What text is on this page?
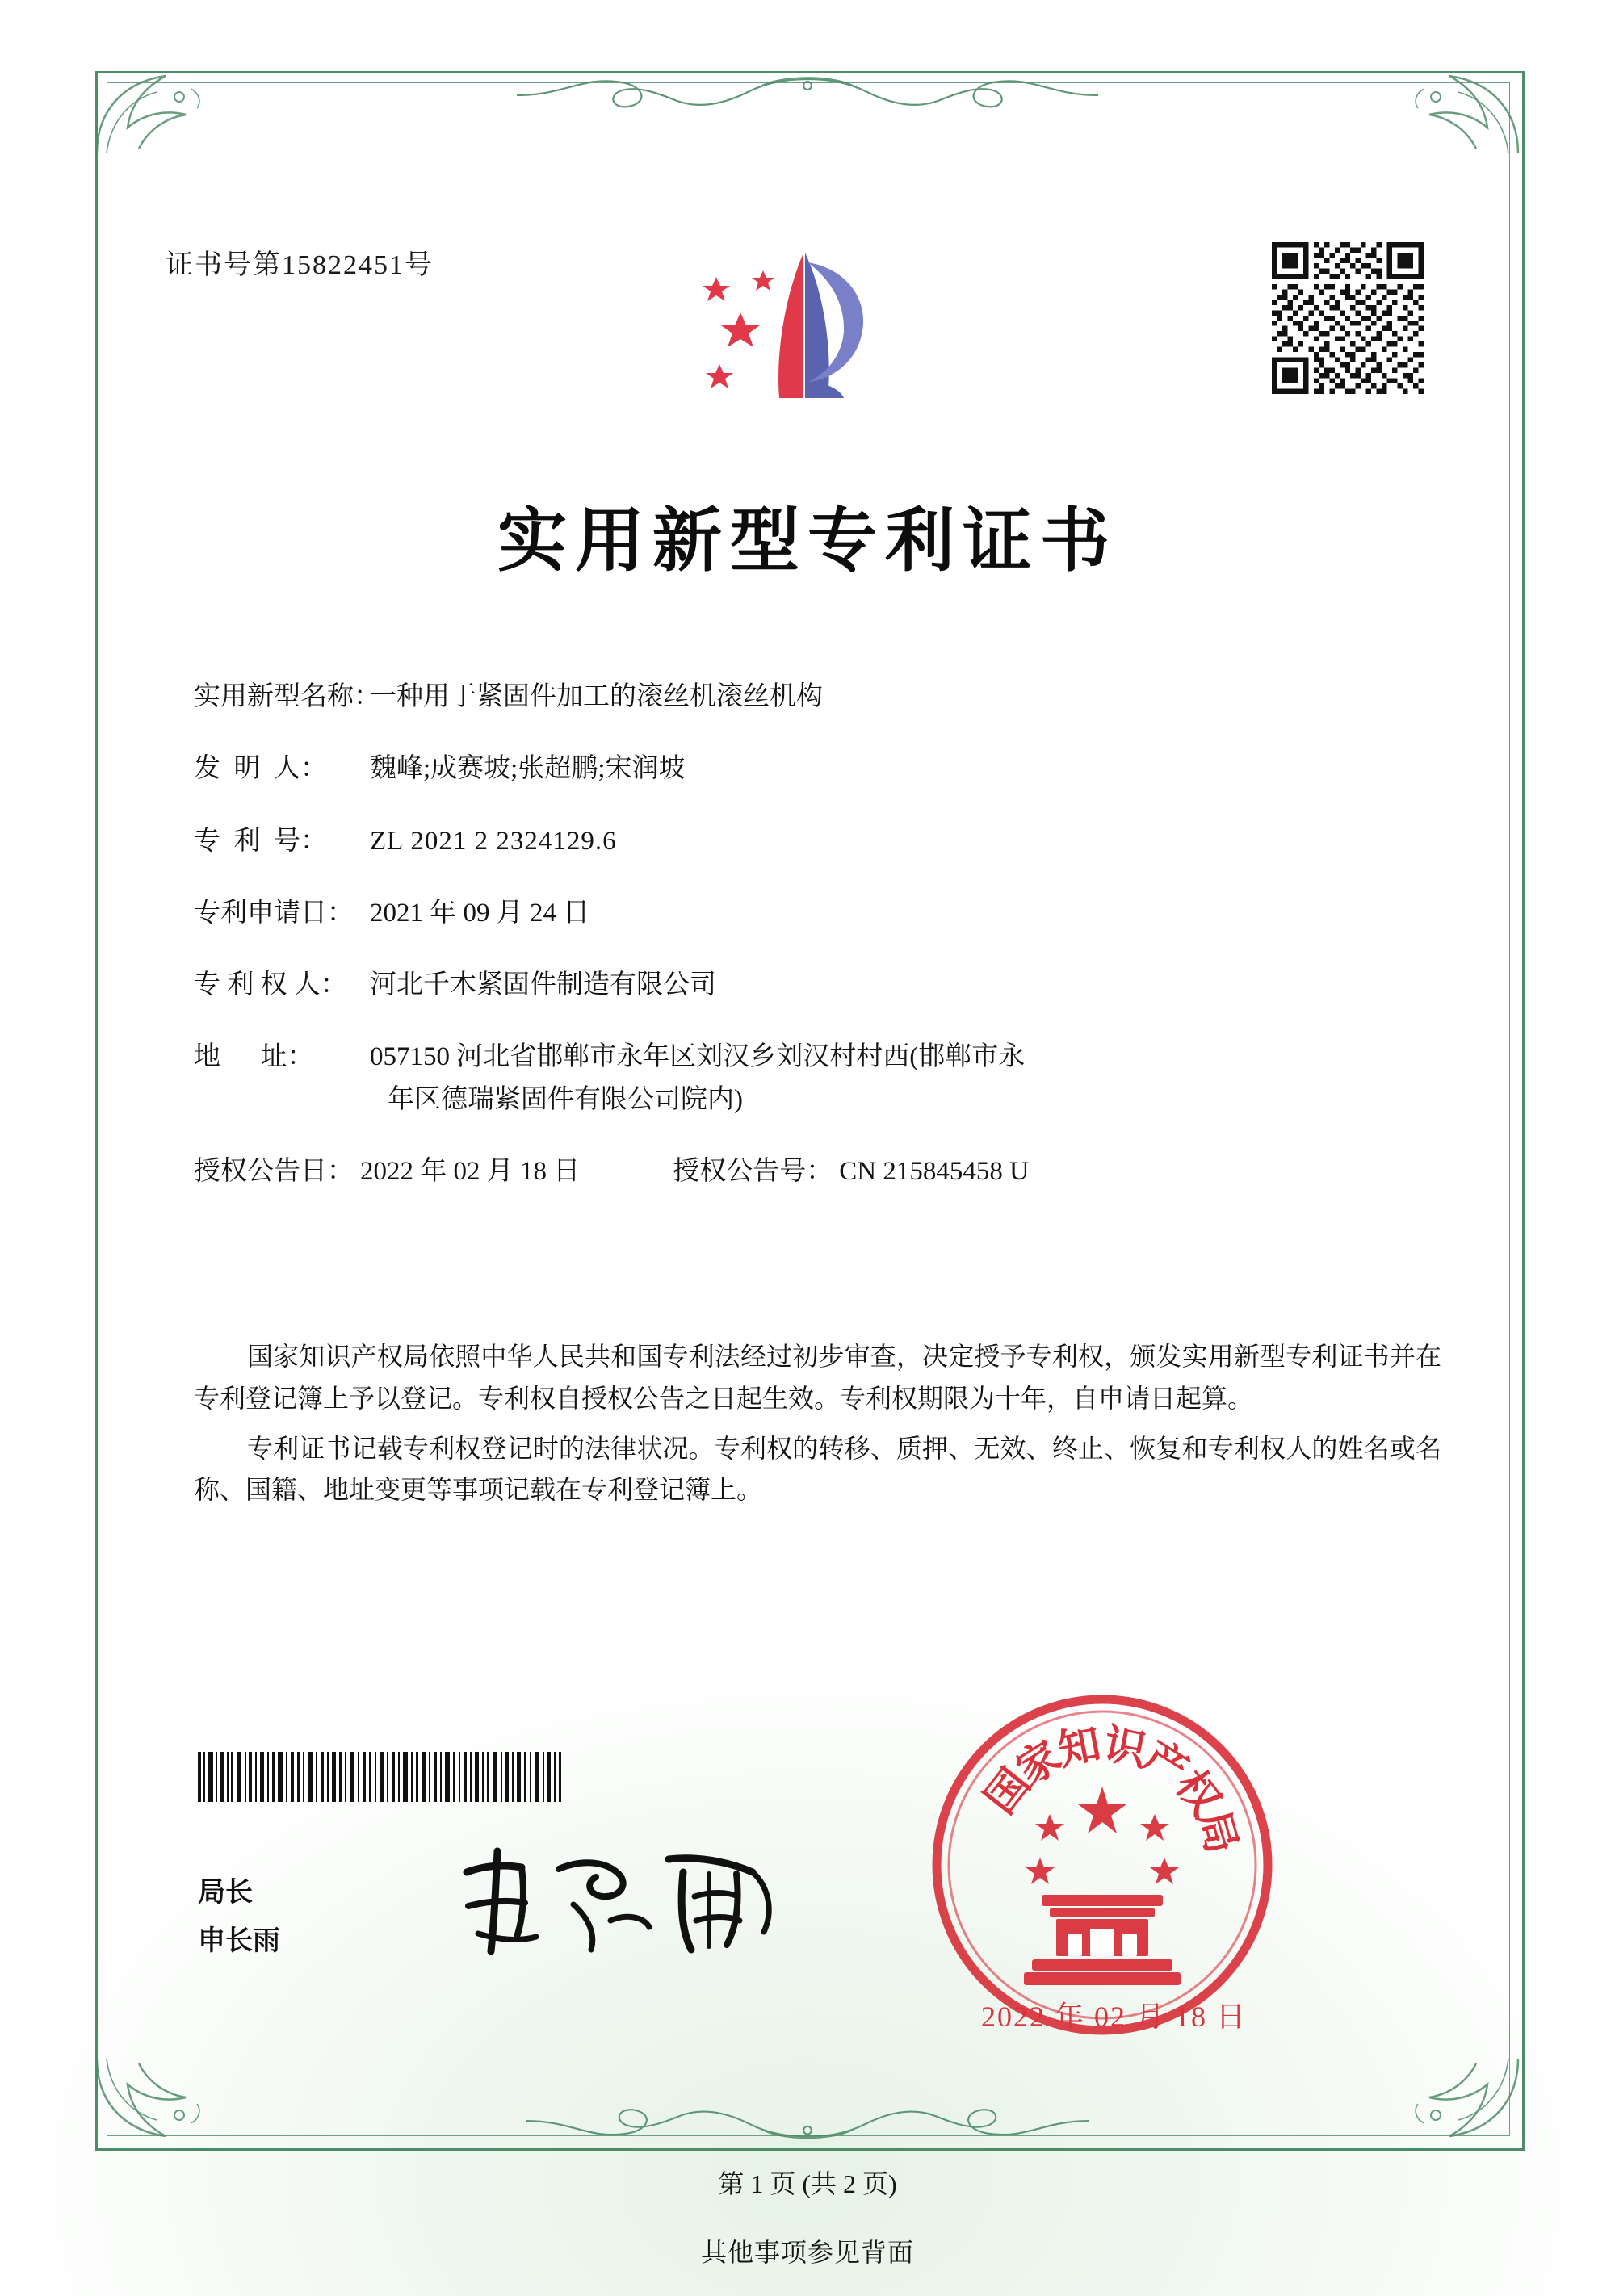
证书号第15822451号
实用新型专利证书
实用新型名称：
一种用于紧固件加工的滚丝机滚丝机构
发  明  人：	魏峰;成赛坡;张超鹏;宋润坡
专  利  号：	ZL 2021 2 2324129.6
专利申请日： 2021 年 09 月 24 日
专 利 权 人： 河北千木紧固件制造有限公司
地      址：	057150 河北省邯郸市永年区刘汉乡刘汉村村西(邯郸市永
年区德瑞紧固件有限公司院内)
授权公告日： 2022 年 02 月 18 日	授权公告号： CN 215845458 U

国家知识产权局依照中华人民共和国专利法经过初步审查，决定授予专利权，颁发实用新型专利证书并在专利登记簿上予以登记。专利权自授权公告之日起生效。专利权期限为十年，自申请日起算。

专利证书记载专利权登记时的法律状况。专利权的转移、质押、无效、终止、恢复和专利权人的姓名或名称、国籍、地址变更等事项记载在专利登记簿上。

局长
申长雨
国
家
知
识
产
权
局
2022 年 02 月 18 日
第 1 页 (共 2 页)
其他事项参见背面
